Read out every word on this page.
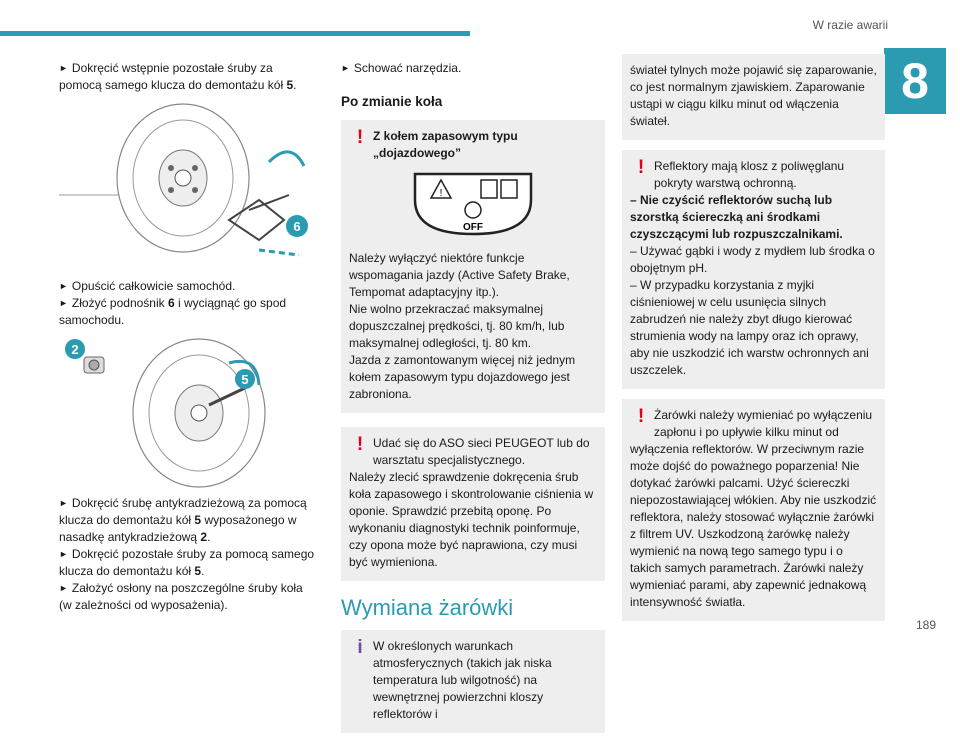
W razie awarii
8
189

► Dokręcić wstępnie pozostałe śruby za pomocą samego klucza do demontażu kół 5.

6

► Opuścić całkowicie samochód.

► Złożyć podnośnik 6 i wyciągnąć go spod samochodu.

2
5

► Dokręcić śrubę antykradzieżową za pomocą klucza do demontażu kół 5 wyposażonego w nasadkę antykradzieżową 2.

► Dokręcić pozostałe śruby za pomocą samego klucza do demontażu kół 5.

► Założyć osłony na poszczególne śruby koła (w zależności od wyposażenia).

► Schować narzędzia.

Po zmianie koła
! Z kołem zapasowym typu „dojazdowego”

!
OFF

Należy wyłączyć niektóre funkcje wspomagania jazdy (Active Safety Brake, Tempomat adaptacyjny itp.).

Nie wolno przekraczać maksymalnej dopuszczalnej prędkości, tj. 80 km/h, lub maksymalnej odległości, tj. 80 km.

Jazda z zamontowanym więcej niż jednym kołem zapasowym typu dojazdowego jest zabroniona.

! Udać się do ASO sieci PEUGEOT lub do warsztatu specjalistycznego.

Należy zlecić sprawdzenie dokręcenia śrub koła zapasowego i skontrolowanie ciśnienia w oponie. Sprawdzić przebitą oponę. Po wykonaniu diagnostyki technik poinformuje, czy opona może być naprawiona, czy musi być wymieniona.

Wymiana żarówki
i W określonych warunkach atmosferycznych (takich jak niska temperatura lub wilgotność) na wewnętrznej powierzchni kloszy reflektorów i

świateł tylnych może pojawić się zaparowanie, co jest normalnym zjawiskiem. Zaparowanie ustąpi w ciągu kilku minut od włączenia świateł.

! Reflektory mają klosz z poliwęglanu pokryty warstwą ochronną.

– Nie czyścić reflektorów suchą lub szorstką ściereczką ani środkami czyszczącymi lub rozpuszczalnikami.

– Używać gąbki i wody z mydłem lub środka o obojętnym pH.

– W przypadku korzystania z myjki ciśnieniowej w celu usunięcia silnych zabrudzeń nie należy zbyt długo kierować strumienia wody na lampy oraz ich oprawy, aby nie uszkodzić ich warstw ochronnych ani uszczelek.

! Żarówki należy wymieniać po wyłączeniu zapłonu i po upływie kilku minut od

wyłączenia reflektorów. W przeciwnym razie może dojść do poważnego poparzenia! Nie dotykać żarówki palcami. Użyć ściereczki niepozostawiającej włókien. Aby nie uszkodzić reflektora, należy stosować wyłącznie żarówki z filtrem UV. Uszkodzoną żarówkę należy wymienić na nową tego samego typu i o takich samych parametrach. Żarówki należy wymieniać parami, aby zapewnić jednakową intensywność światła.
